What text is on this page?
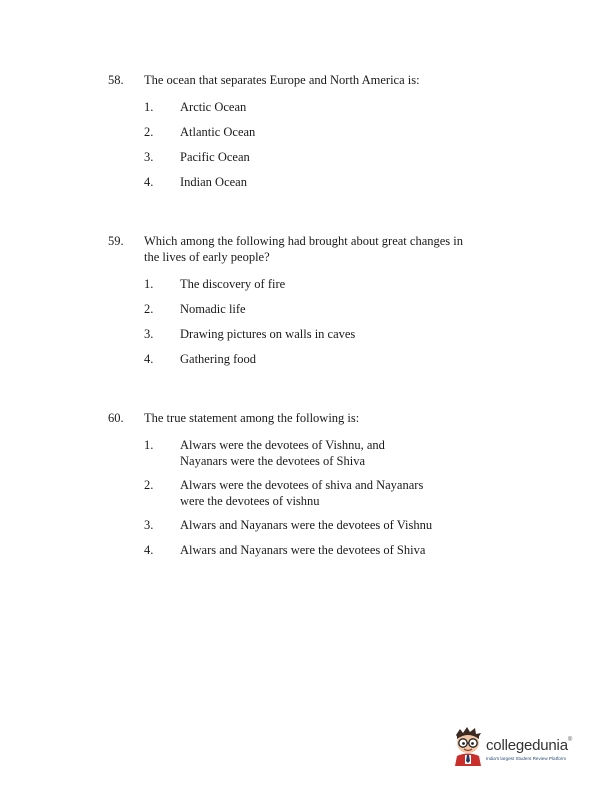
58. The ocean that separates Europe and North America is:
1. Arctic Ocean
2. Atlantic Ocean
3. Pacific Ocean
4. Indian Ocean
59. Which among the following had brought about great changes in the lives of early people?
1. The discovery of fire
2. Nomadic life
3. Drawing pictures on walls in caves
4. Gathering food
60. The true statement among the following is:
1. Alwars were the devotees of Vishnu, and Nayanars were the devotees of Shiva
2. Alwars were the devotees of shiva and Nayanars were the devotees of vishnu
3. Alwars and Nayanars were the devotees of Vishnu
4. Alwars and Nayanars were the devotees of Shiva
collegedunia®
India's largest Student Review Platform
